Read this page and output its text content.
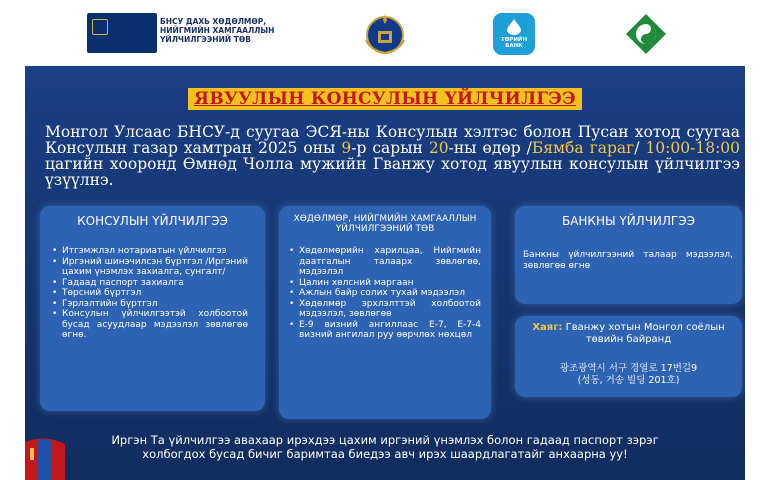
БНСУ ДАХЬ ХӨДӨЛМӨР, НИЙГМИЙН ХАМГААЛЛЫН ҮЙЛЧИЛГЭЭНИЙ ТӨВ	ТӨРИЙН БАНК
ЯВУУЛЫН КОНСУЛЫН ҮЙЛЧИЛГЭЭ
Монгол Улсаас БНСУ-д суугаа ЭСЯ-ны Консулын хэлтэс болон Пусан хотод суугаа Консулын газар хамтран 2025 оны 9-р сарын 20-ны өдөр /Бямба гараг/ 10:00-18:00 цагийн хооронд Өмнөд Чолла мужийн Гванжу хотод явуулын консулын үйлчилгээ үзүүлнэ.
КОНСУЛЫН ҮЙЛЧИЛГЭЭ
• Итгэмжлэл нотариатын үйлчилгээ
• Иргэний шинэчилсэн бүртгэл /Иргэний цахим үнэмлэх захиалга, сунгалт/
• Гадаад паспорт захиалга
• Төрсний бүртгэл
• Гэрлэлтийн бүртгэл
• Консулын үйлчилгээтэй холбоотой бусад асуудлаар мэдээлэл зөвлөгөө өгнө.
ХӨДӨЛМӨР, НИЙГМИЙН ХАМГААЛЛЫН ҮЙЛЧИЛГЭЭНИЙ ТӨВ
• Хөдөлмөрийн харилцаа, Нийгмийн даатгалын талаарх зөвлөгөө, мэдээлэл
• Цалин хөлсний маргаан
• Ажлын байр солих тухай мэдээлэл
• Хөдөлмөр эрхлэлттэй холбоотой мэдээлэл, зөвлөгөө
• E-9 визний ангиллаас E-7, E-7-4 визний ангилал руу өөрчлөх нөхцөл
БАНКНЫ ҮЙЛЧИЛГЭЭ
Банкны үйлчилгээний талаар мэдээлэл, зөвлөгөө өгнө
Хаяг: Гванжу хотын Монгол соёлын төвийн байранд
광조광역시 서구 경열로 17번길9
(성동, 거송 빌딩 201호)
Иргэн Та үйлчилгээ авахаар ирэхдээ цахим иргэний үнэмлэх болон гадаад паспорт зэрэг холбогдох бусад бичиг баримтаа биедээ авч ирэх шаардлагатайг анхаарна уу!
